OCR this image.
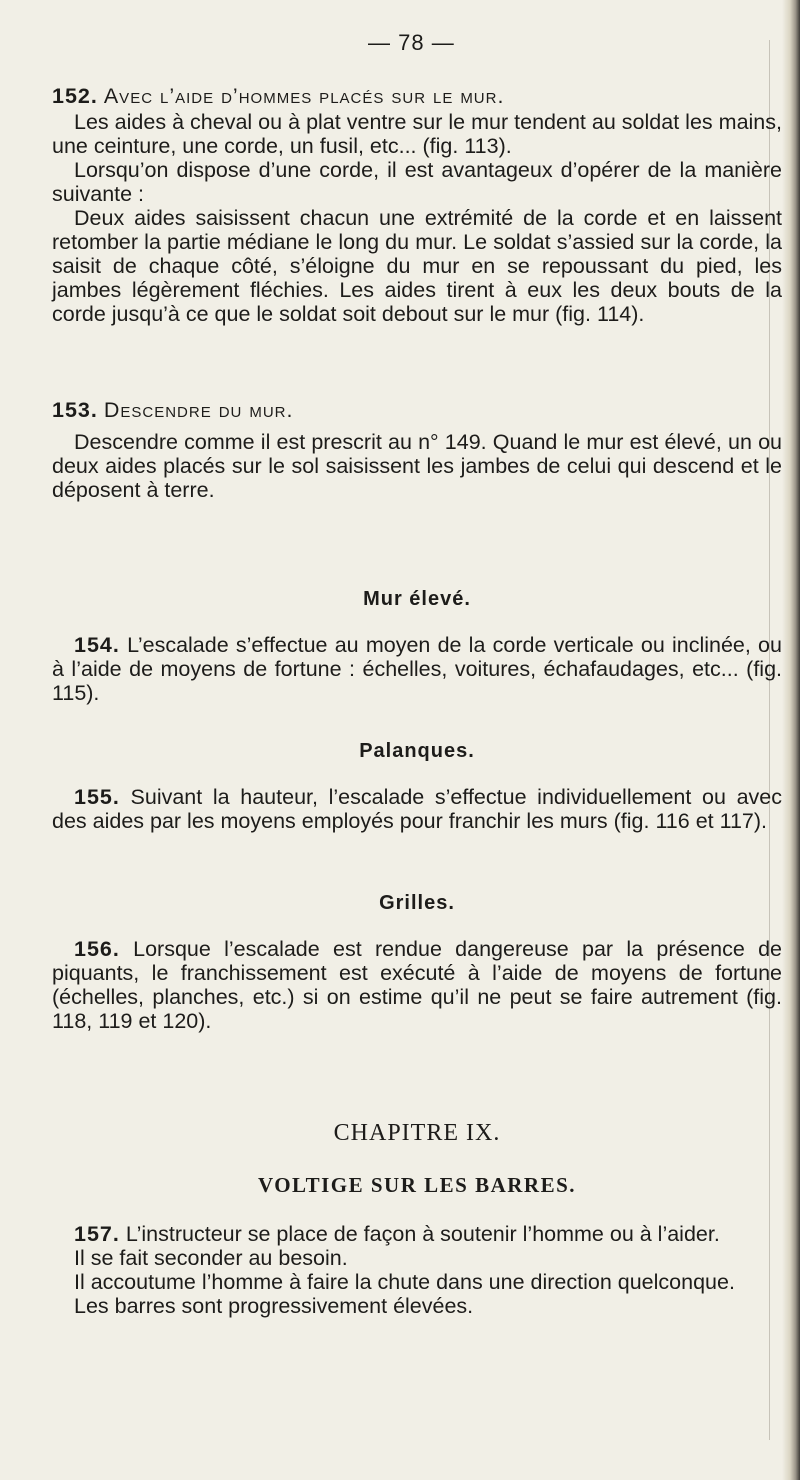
— 78 —

152. Avec l’aide d’hommes placés sur le mur.

Les aides à cheval ou à plat ventre sur le mur tendent au soldat les mains, une ceinture, une corde, un fusil, etc... (fig. 113).

Lorsqu’on dispose d’une corde, il est avantageux d’opérer de la manière suivante :

Deux aides saisissent chacun une extrémité de la corde et en laissent retomber la partie médiane le long du mur. Le soldat s’assied sur la corde, la saisit de chaque côté, s’éloigne du mur en se repoussant du pied, les jambes légèrement fléchies. Les aides tirent à eux les deux bouts de la corde jusqu’à ce que le soldat soit debout sur le mur (fig. 114).

153. Descendre du mur.

Descendre comme il est prescrit au n° 149. Quand le mur est élevé, un ou deux aides placés sur le sol saisissent les jambes de celui qui descend et le déposent à terre.

Mur élevé.

154. L’escalade s’effectue au moyen de la corde verticale ou inclinée, ou à l’aide de moyens de fortune : échelles, voitures, échafaudages, etc... (fig. 115).

Palanques.

155. Suivant la hauteur, l’escalade s’effectue individuellement ou avec des aides par les moyens employés pour franchir les murs (fig. 116 et 117).

Grilles.

156. Lorsque l’escalade est rendue dangereuse par la présence de piquants, le franchissement est exécuté à l’aide de moyens de fortune (échelles, planches, etc.) si on estime qu’il ne peut se faire autrement (fig. 118, 119 et 120).

CHAPITRE IX.

VOLTIGE SUR LES BARRES.

157. L’instructeur se place de façon à soutenir l’homme ou à l’aider.

Il se fait seconder au besoin.

Il accoutume l’homme à faire la chute dans une direction quelconque.

Les barres sont progressivement élevées.
